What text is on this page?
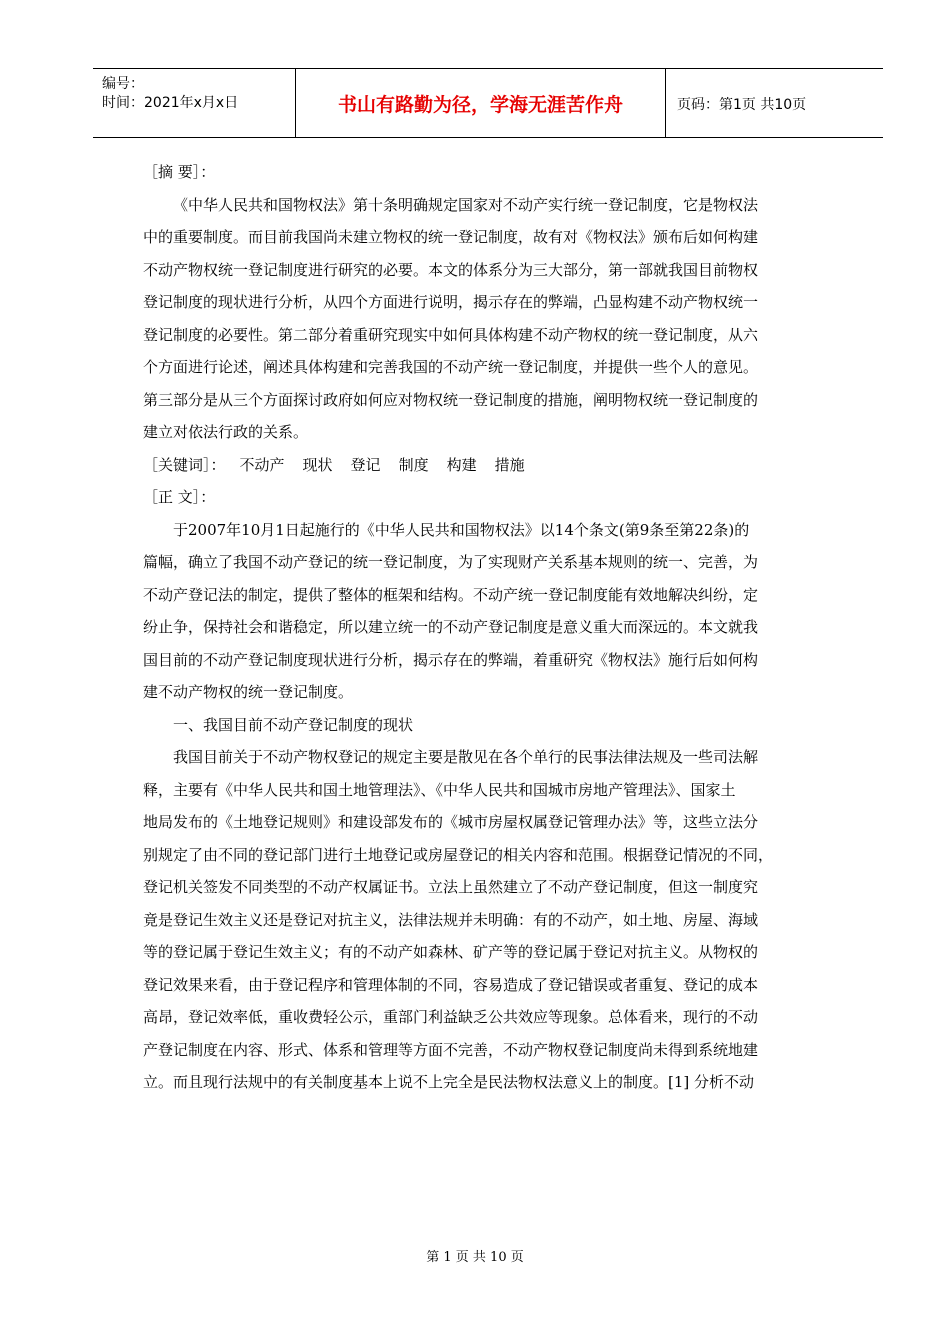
编号：
时间：2021年x月x日	书山有路勤为径，学海无涯苦作舟	页码：第1页 共10页
［摘 要］：
《中华人民共和国物权法》第十条明确规定国家对不动产实行统一登记制度，它是物权法
中的重要制度。而目前我国尚未建立物权的统一登记制度，故有对《物权法》颁布后如何构建
不动产物权统一登记制度进行研究的必要。本文的体系分为三大部分，第一部就我国目前物权
登记制度的现状进行分析，从四个方面进行说明，揭示存在的弊端，凸显构建不动产物权统一
登记制度的必要性。第二部分着重研究现实中如何具体构建不动产物权的统一登记制度，从六
个方面进行论述，阐述具体构建和完善我国的不动产统一登记制度，并提供一些个人的意见。
第三部分是从三个方面探讨政府如何应对物权统一登记制度的措施，阐明物权统一登记制度的
建立对依法行政的关系。
［关键词］： 不动产 现状 登记 制度 构建 措施
［正 文］：
于2007年10月1日起施行的《中华人民共和国物权法》以14个条文(第9条至第22条)的
篇幅，确立了我国不动产登记的统一登记制度，为了实现财产关系基本规则的统一、完善，为
不动产登记法的制定，提供了整体的框架和结构。不动产统一登记制度能有效地解决纠纷，定
纷止争，保持社会和谐稳定，所以建立统一的不动产登记制度是意义重大而深远的。本文就我
国目前的不动产登记制度现状进行分析，揭示存在的弊端，着重研究《物权法》施行后如何构
建不动产物权的统一登记制度。
一、我国目前不动产登记制度的现状
我国目前关于不动产物权登记的规定主要是散见在各个单行的民事法律法规及一些司法解
释，主要有《中华人民共和国土地管理法》、《中华人民共和国城市房地产管理法》、国家土
地局发布的《土地登记规则》和建设部发布的《城市房屋权属登记管理办法》等，这些立法分
别规定了由不同的登记部门进行土地登记或房屋登记的相关内容和范围。根据登记情况的不同，
登记机关签发不同类型的不动产权属证书。立法上虽然建立了不动产登记制度，但这一制度究
竟是登记生效主义还是登记对抗主义，法律法规并未明确：有的不动产，如土地、房屋、海域
等的登记属于登记生效主义；有的不动产如森林、矿产等的登记属于登记对抗主义。从物权的
登记效果来看，由于登记程序和管理体制的不同，容易造成了登记错误或者重复、登记的成本
高昂，登记效率低，重收费轻公示，重部门利益缺乏公共效应等现象。总体看来，现行的不动
产登记制度在内容、形式、体系和管理等方面不完善，不动产物权登记制度尚未得到系统地建
立。而且现行法规中的有关制度基本上说不上完全是民法物权法意义上的制度。[1] 分析不动
第 1 页 共 10 页
